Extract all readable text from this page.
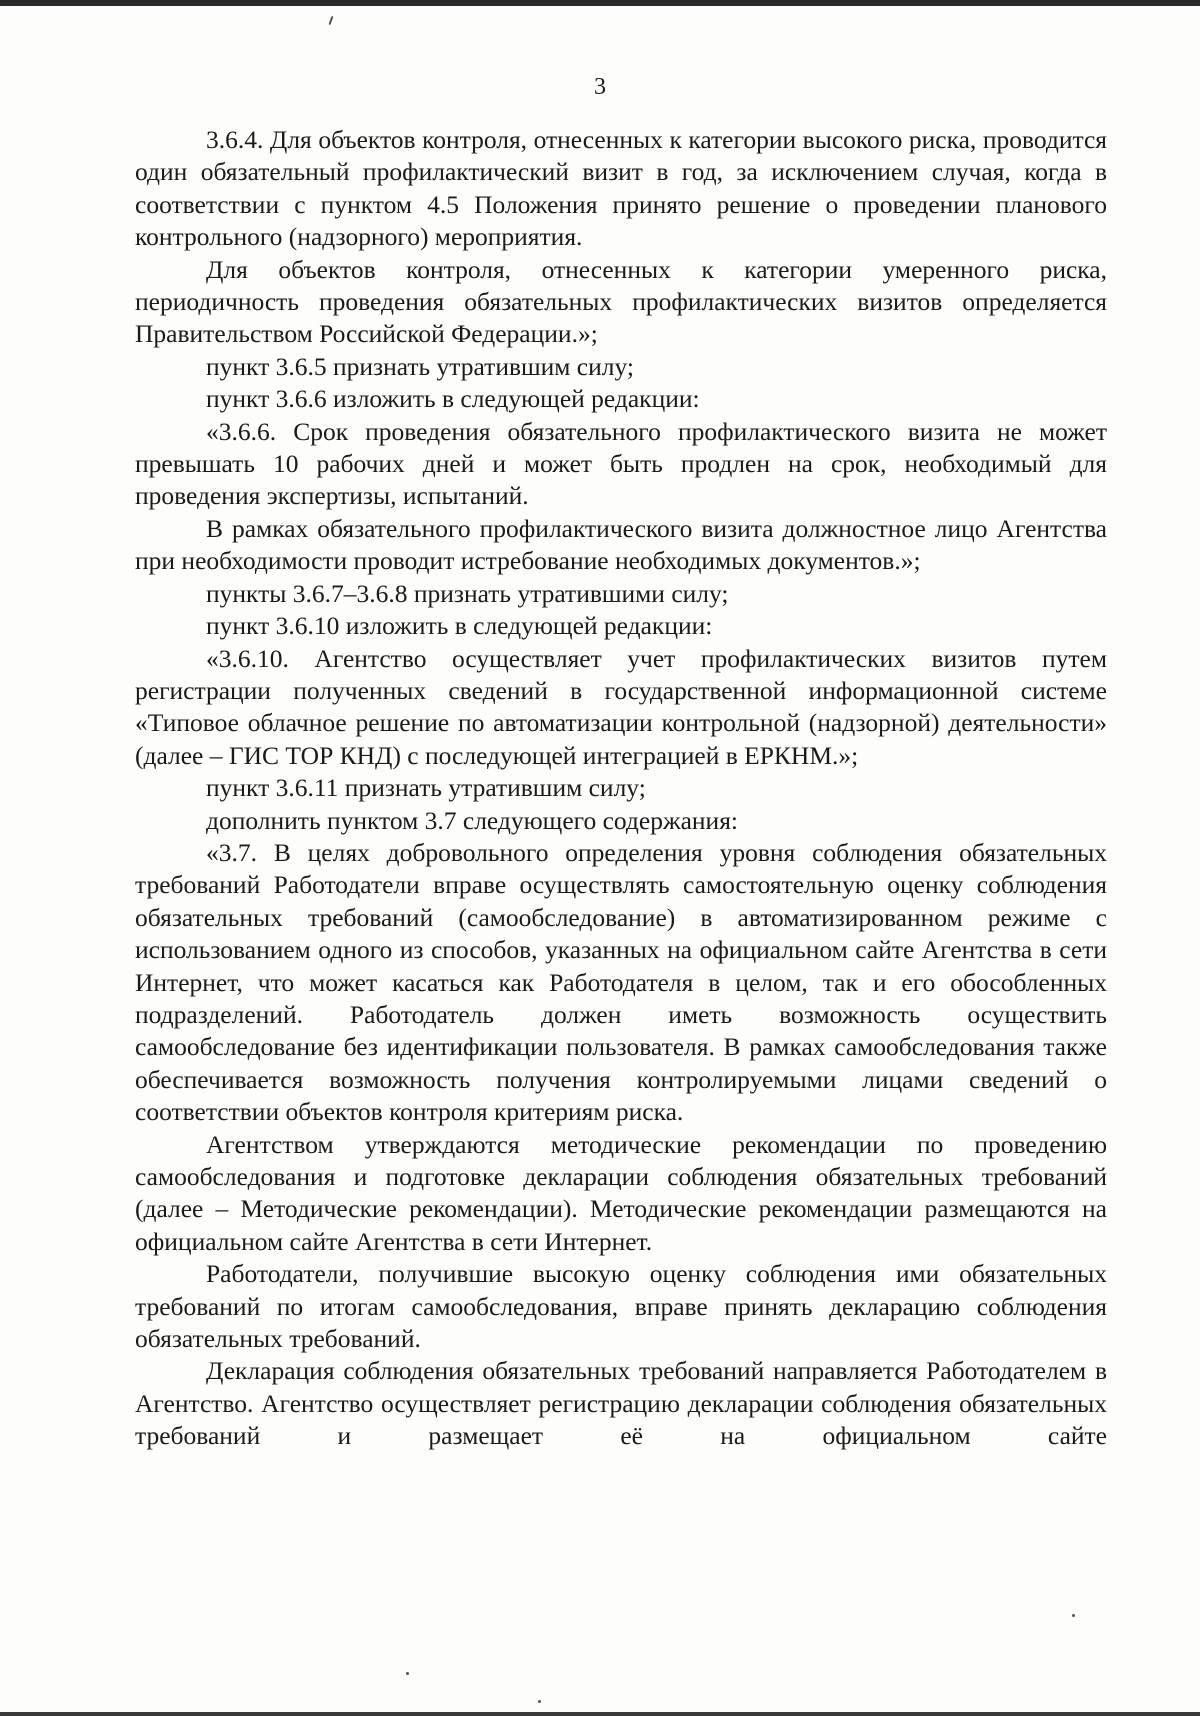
3

3.6.4. Для объектов контроля, отнесенных к категории высокого риска, проводится один обязательный профилактический визит в год, за исключением случая, когда в соответствии с пунктом 4.5 Положения принято решение о проведении планового контрольного (надзорного) мероприятия.

Для объектов контроля, отнесенных к категории умеренного риска, периодичность проведения обязательных профилактических визитов определяется Правительством Российской Федерации.»;

пункт 3.6.5 признать утратившим силу;

пункт 3.6.6 изложить в следующей редакции:

«3.6.6. Срок проведения обязательного профилактического визита не может превышать 10 рабочих дней и может быть продлен на срок, необходимый для проведения экспертизы, испытаний.

В рамках обязательного профилактического визита должностное лицо Агентства при необходимости проводит истребование необходимых документов.»;

пункты 3.6.7–3.6.8 признать утратившими силу;

пункт 3.6.10 изложить в следующей редакции:

«3.6.10. Агентство осуществляет учет профилактических визитов путем регистрации полученных сведений в государственной информационной системе «Типовое облачное решение по автоматизации контрольной (надзорной) деятельности» (далее – ГИС ТОР КНД) с последующей интеграцией в ЕРКНМ.»;

пункт 3.6.11 признать утратившим силу;

дополнить пунктом 3.7 следующего содержания:

«3.7. В целях добровольного определения уровня соблюдения обязательных требований Работодатели вправе осуществлять самостоятельную оценку соблюдения обязательных требований (самообследование) в автоматизированном режиме с использованием одного из способов, указанных на официальном сайте Агентства в сети Интернет, что может касаться как Работодателя в целом, так и его обособленных подразделений. Работодатель должен иметь возможность осуществить самообследование без идентификации пользователя. В рамках самообследования также обеспечивается возможность получения контролируемыми лицами сведений о соответствии объектов контроля критериям риска.

Агентством утверждаются методические рекомендации по проведению самообследования и подготовке декларации соблюдения обязательных требований (далее – Методические рекомендации). Методические рекомендации размещаются на официальном сайте Агентства в сети Интернет.

Работодатели, получившие высокую оценку соблюдения ими обязательных требований по итогам самообследования, вправе принять декларацию соблюдения обязательных требований.

Декларация соблюдения обязательных требований направляется Работодателем в Агентство. Агентство осуществляет регистрацию декларации соблюдения обязательных требований и размещает её на официальном сайте
